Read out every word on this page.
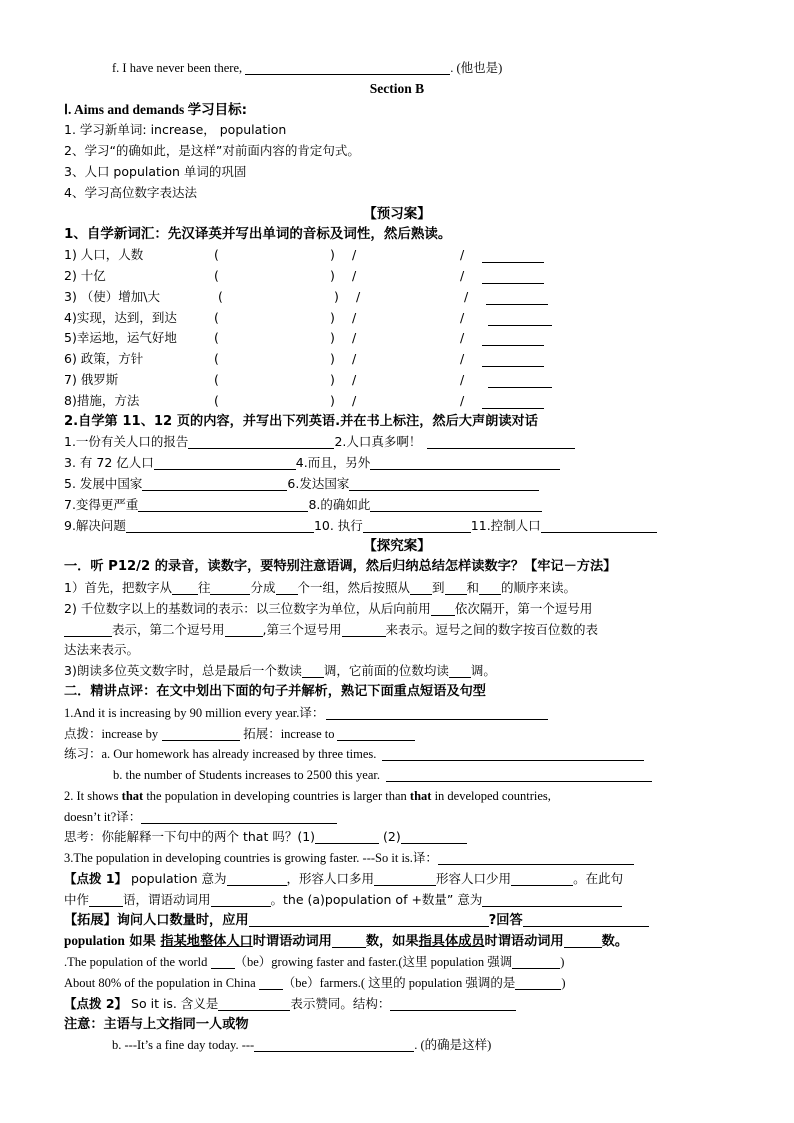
f. I have never been there,	. (他也是)
Section B
Ⅰ. Aims and demands 学习目标:
1. 学习新单词: increase， population
2、学习“的确如此，是这样”对前面内容的肯定句式。
3、人口 population 单词的巩固
4、学习高位数字表达法
【预习案】
1、自学新词汇：先汉译英并写出单词的音标及词性，然后熟读。
1) 人口，人数	(	) /	/
2) 十亿	(	) /	/
3) （使）增加\大	(	) /	/
4)实现，达到，到达	(	) /	/
5)幸运地，运气好地	(	) /	/
6) 政策，方针	(	) /	/
7) 俄罗斯	(	) /	/
8)措施，方法	(	) /	/
2.自学第 11、12 页的内容，并写出下列英语.并在书上标注，然后大声朗读对话
1.一份有关人口的报告	2.人口真多啊！
3. 有 72 亿人口	4.而且，另外
5. 发展中国家	6.发达国家
7.变得更严重	8.的确如此
9.解决问题	10. 执行	11.控制人口
【探究案】
一．听 P12/2 的录音，读数字，要特别注意语调，然后归纳总结怎样读数字？【牢记－方法】
1）首先，把数字从 往	分成 个一组，然后按照从 到 和 的顺序来读。
2) 千位数字以上的基数词的表示：以三位数字为单位，从后向前用 依次隔开，第一个逗号用
表示，第二个逗号用	,第三个逗号用	来表示。逗号之间的数字按百位数的表
达法来表示。
3)朗读多位英文数字时，总是最后一个数读 调，它前面的位数均读 调。
二．精讲点评：在文中划出下面的句子并解析，熟记下面重点短语及句型
1.And it is increasing by 90 million every year.译：
点拨：increase by	拓展：increase to
练习：a. Our homework has already increased by three times.
b. the number of Students increases to 2500 this year.
2. It shows that the population in developing countries is larger than that in developed countries,
doesn’t it?译：
思考：你能解释一下句中的两个 that 吗？(1)	(2)
3.The population in developing countries is growing faster. ---So it is.译：
【点拨 1】 population 意为	，形容人口多用	形容人口少用	。在此句
中作	语，谓语动词用	。the (a)population of +数量” 意为
【拓展】询问人口数量时，应用	?回答
population 如果 指某地整体人口时谓语动词用	数，如果指具体成员时谓语动词用	数。
.The population of the world （be）growing faster and faster.(这里 population 强调	)
About 80% of the population in China （be）farmers.( 这里的 population 强调的是	)
【点拨 2】 So it is. 含义是	表示赞同。结构：
注意：主语与上文指同一人或物
b. ---It’s a fine day today. ---	. (的确是这样)
